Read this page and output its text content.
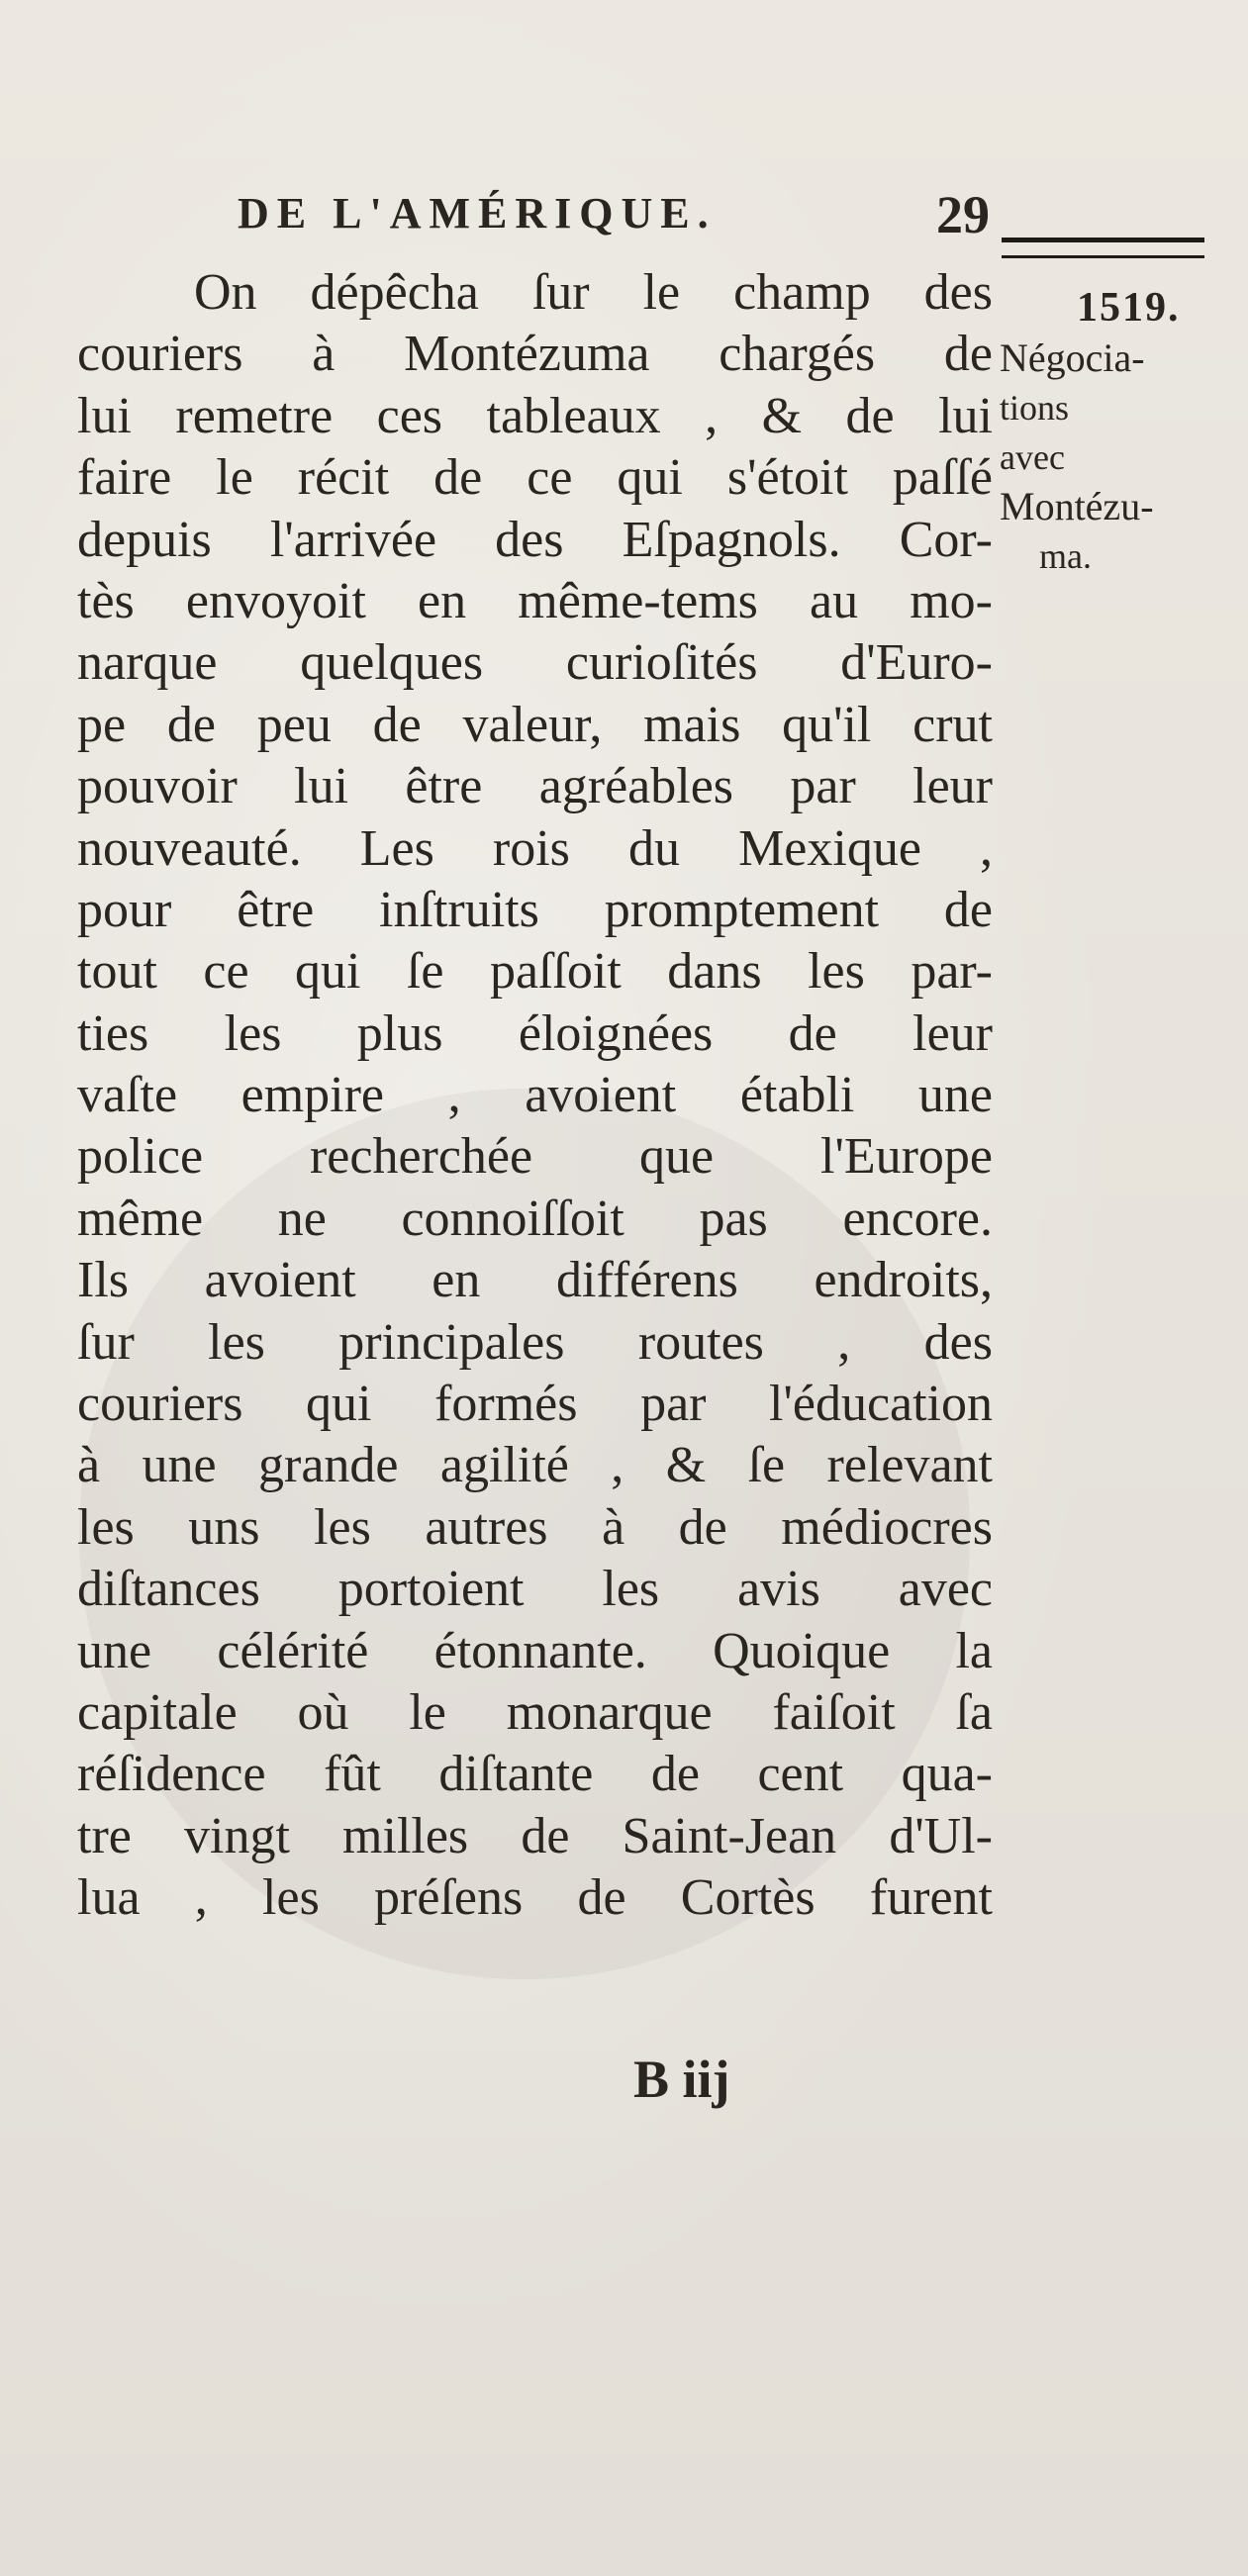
DE L'AMÉRIQUE.	29
On dépêcha ſur le champ des
couriers à Montézuma chargés de
lui remetre ces tableaux , & de lui
faire le récit de ce qui s'étoit paſſé
depuis l'arrivée des Eſpagnols. Cor-
tès envoyoit en même-tems au mo-
narque quelques curioſités d'Euro-
pe de peu de valeur, mais qu'il crut
pouvoir lui être agréables par leur
nouveauté. Les rois du Mexique ,
pour être inſtruits promptement de
tout ce qui ſe paſſoit dans les par-
ties les plus éloignées de leur
vaſte empire , avoient établi une
police recherchée que l'Europe
même ne connoiſſoit pas encore.
Ils avoient en différens endroits,
ſur les principales routes , des
couriers qui formés par l'éducation
à une grande agilité , & ſe relevant
les uns les autres à de médiocres
diſtances portoient les avis avec
une célérité étonnante. Quoique la
capitale où le monarque faiſoit ſa
réſidence fût diſtante de cent qua-
tre vingt milles de Saint-Jean d'Ul-
lua , les préſens de Cortès furent
1519.
Négocia-
tions
avec
Montézu-
ma.
B iij
